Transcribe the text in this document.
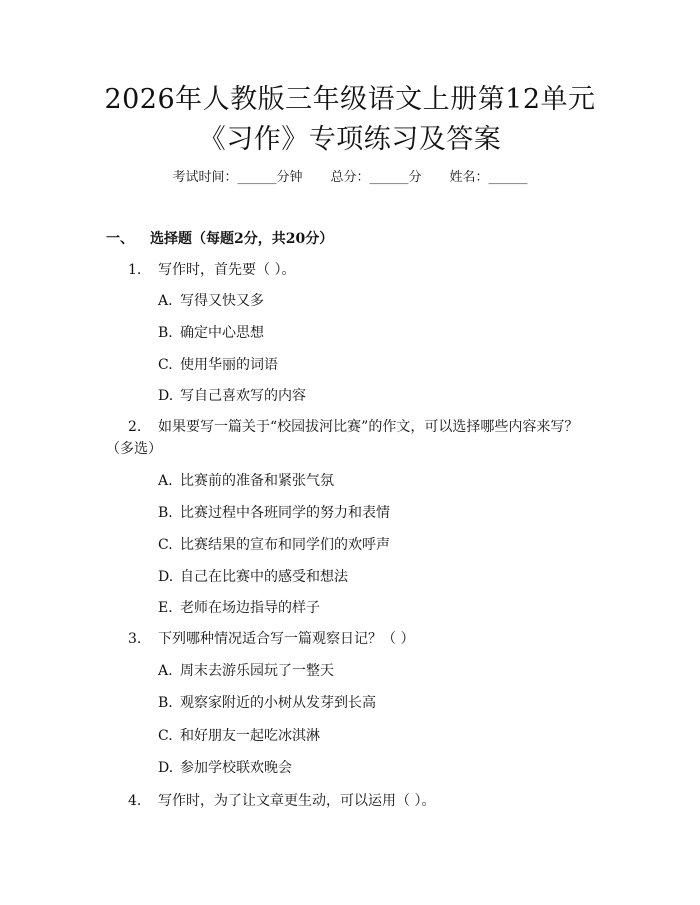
2026年人教版三年级语文上册第12单元
《习作》专项练习及答案
考试时间：______分钟 总分：______分 姓名：______
一、 选择题（每题2分，共20分）
1. 写作时，首先要（ ）。
A. 写得又快又多
B. 确定中心思想
C. 使用华丽的词语
D. 写自己喜欢写的内容
2. 如果要写一篇关于“校园拔河比赛”的作文，可以选择哪些内容来写？（多选）
A. 比赛前的准备和紧张气氛
B. 比赛过程中各班同学的努力和表情
C. 比赛结果的宣布和同学们的欢呼声
D. 自己在比赛中的感受和想法
E. 老师在场边指导的样子
3. 下列哪种情况适合写一篇观察日记？（ ）
A. 周末去游乐园玩了一整天
B. 观察家附近的小树从发芽到长高
C. 和好朋友一起吃冰淇淋
D. 参加学校联欢晚会
4. 写作时，为了让文章更生动，可以运用（ ）。
